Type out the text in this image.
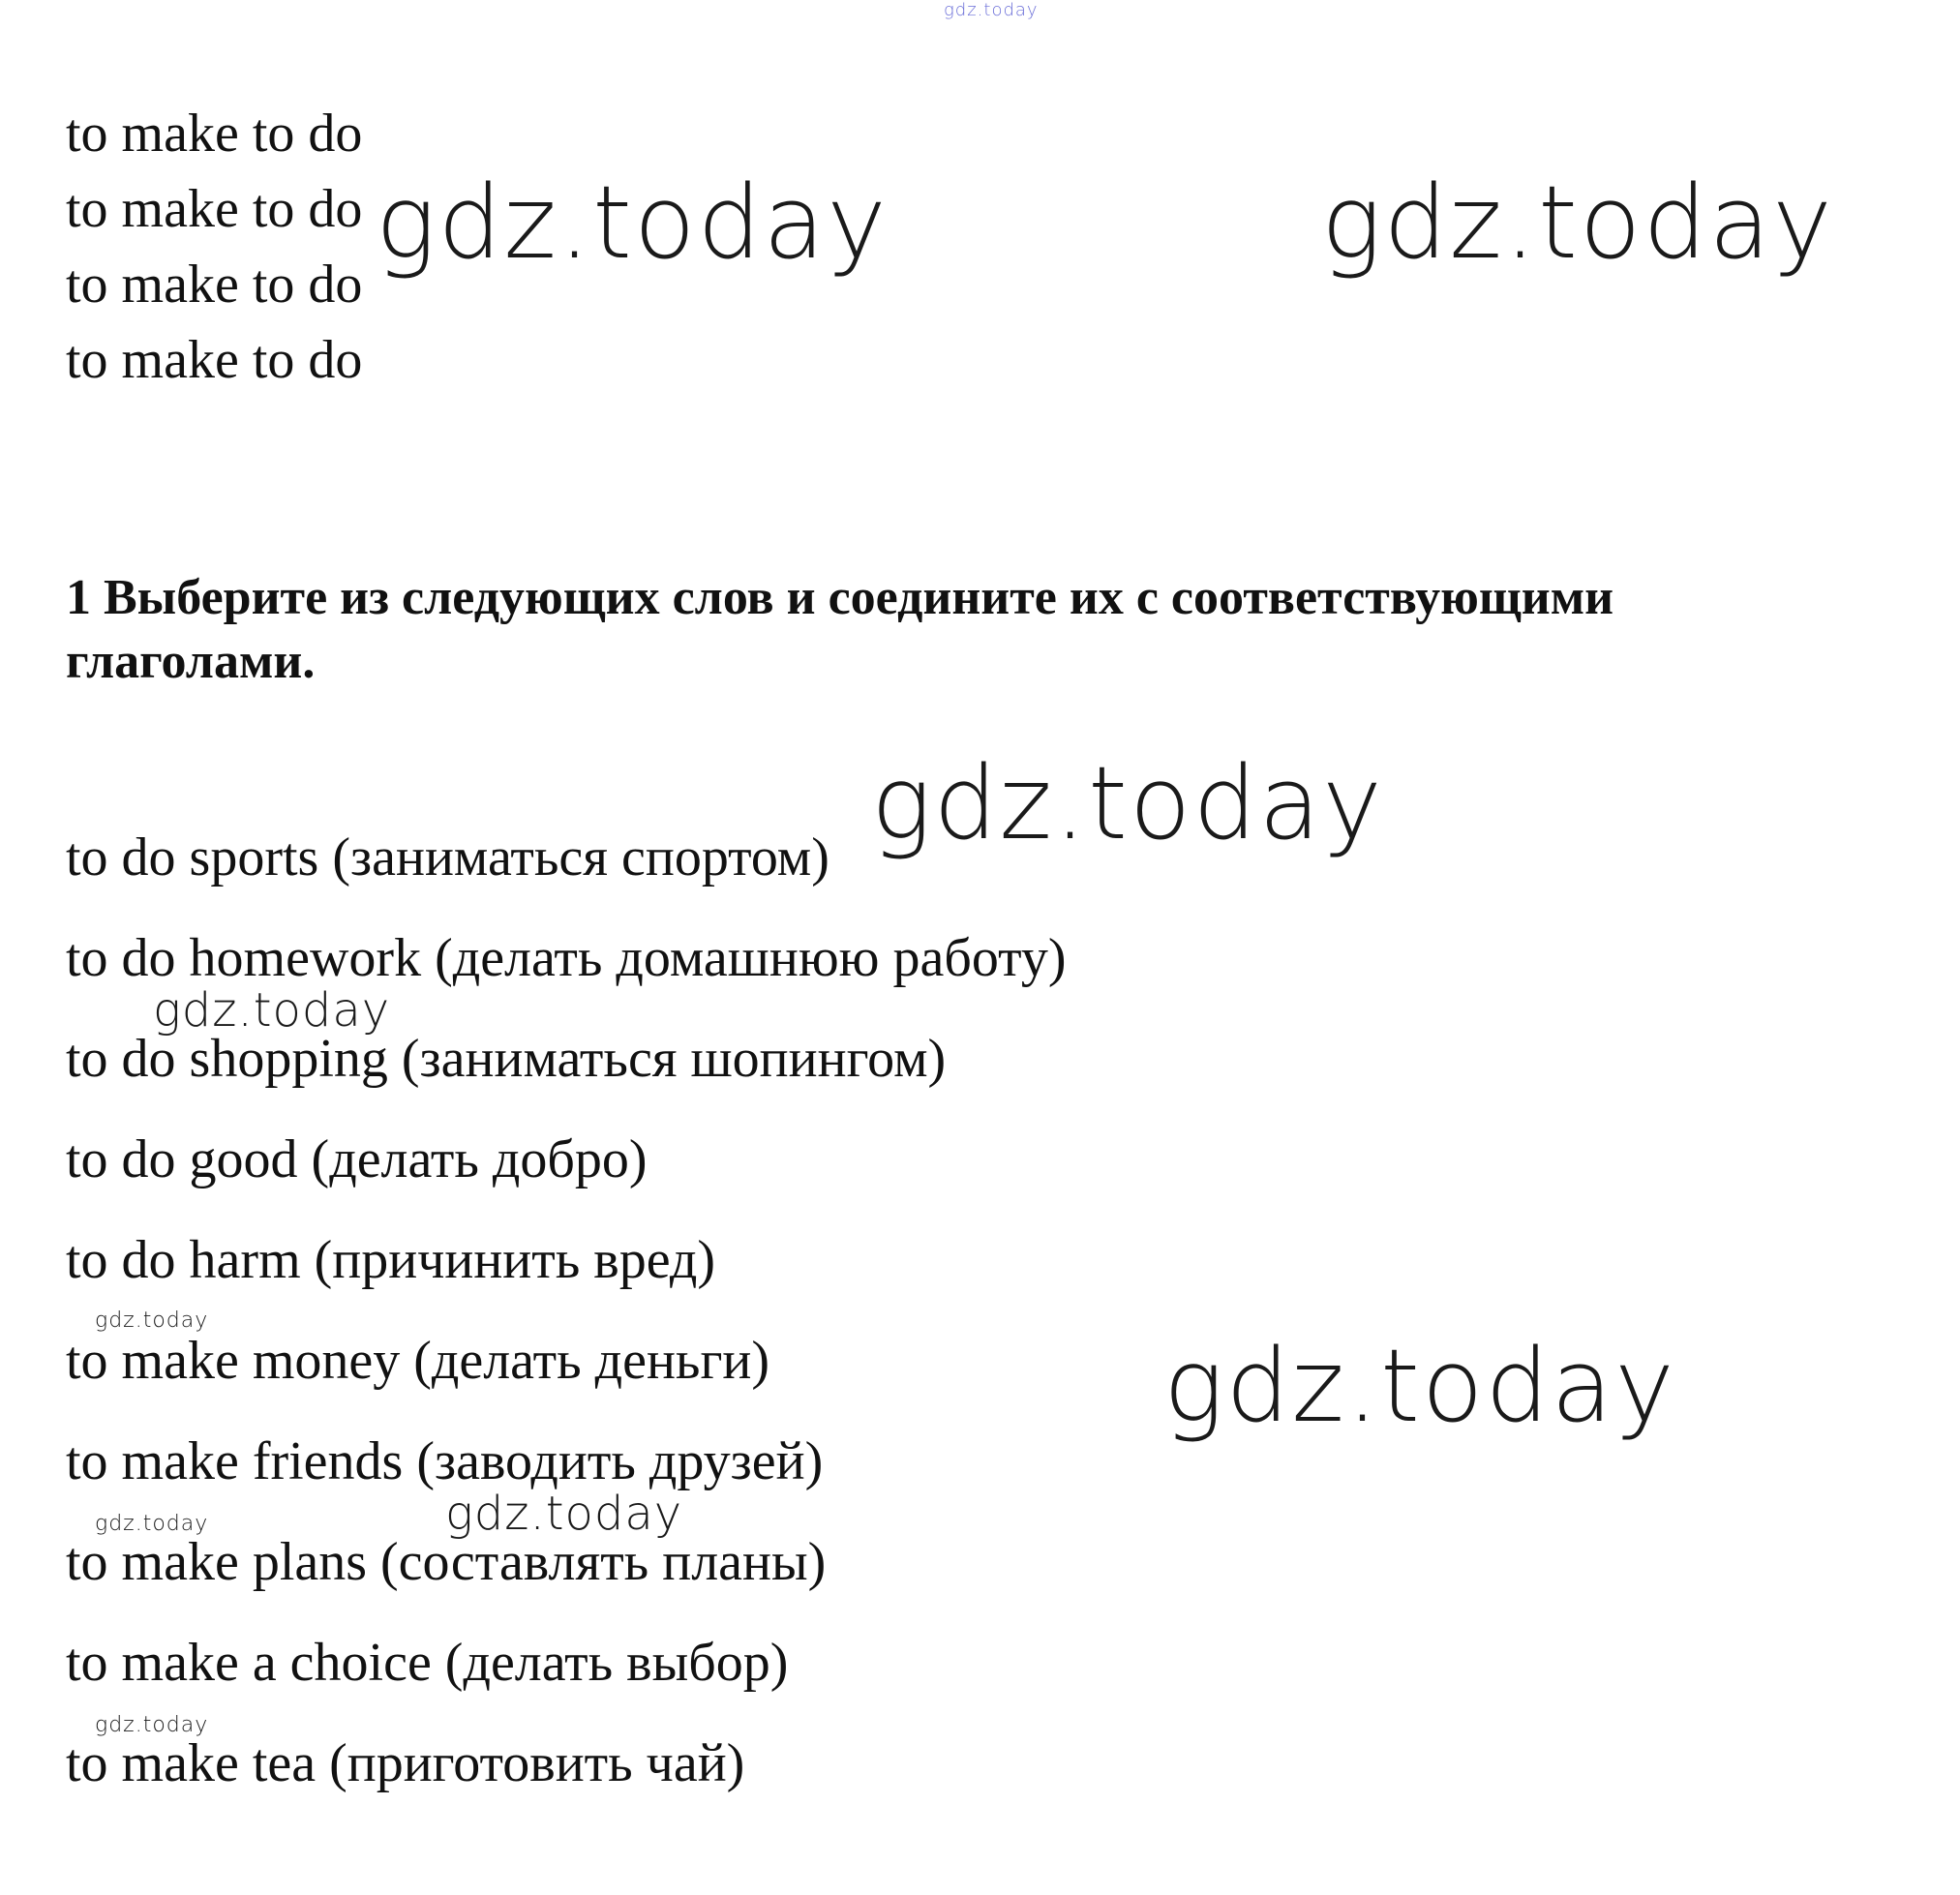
gdz.today
to make to do
to make to do
to make to do
to make to do
gdz.today	gdz.today
1 Выберите из следующих слов и соедините их с соответствующими глаголами.
gdz.today
to do sports (заниматься спортом)
to do homework (делать домашнюю работу)
to do shopping (заниматься шопингом)
to do good (делать добро)
to do harm (причинить вред)
to make money (делать деньги)
to make friends (заводить друзей)
to make plans (составлять планы)
to make a choice (делать выбор)
to make tea (приготовить чай)
gdz.today
gdz.today
gdz.today
gdz.today
gdz.today
gdz.today
